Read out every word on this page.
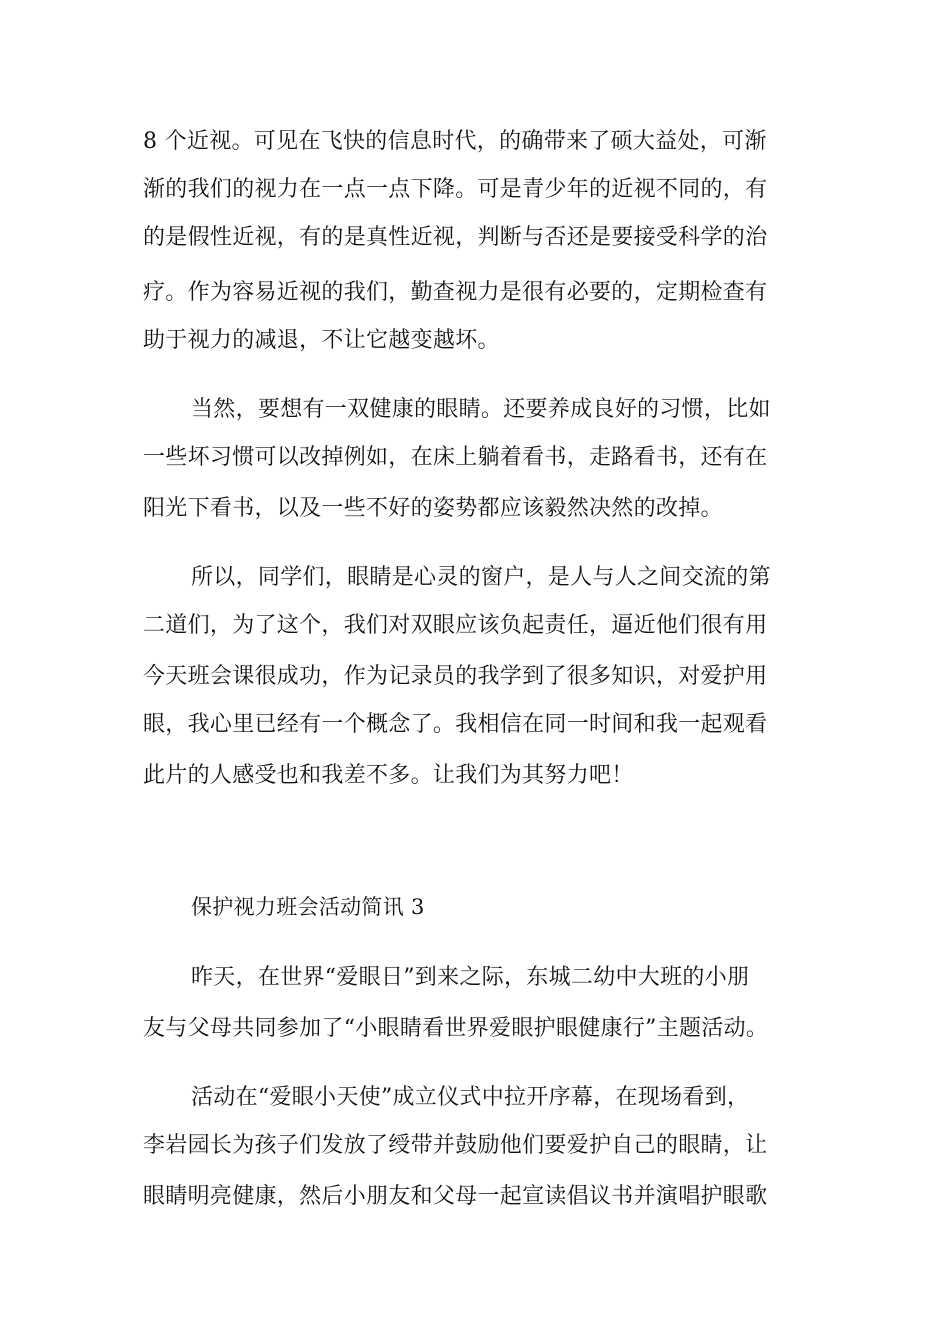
8 个近视。可见在飞快的信息时代，的确带来了硕大益处，可渐
渐的我们的视力在一点一点下降。可是青少年的近视不同的，有
的是假性近视，有的是真性近视，判断与否还是要接受科学的治
疗。作为容易近视的我们，勤查视力是很有必要的，定期检查有
助于视力的减退，不让它越变越坏。
当然，要想有一双健康的眼睛。还要养成良好的习惯，比如
一些坏习惯可以改掉例如，在床上躺着看书，走路看书，还有在
阳光下看书，以及一些不好的姿势都应该毅然决然的改掉。
所以，同学们，眼睛是心灵的窗户，是人与人之间交流的第
二道们，为了这个，我们对双眼应该负起责任，逼近他们很有用
今天班会课很成功，作为记录员的我学到了很多知识，对爱护用
眼，我心里已经有一个概念了。我相信在同一时间和我一起观看
此片的人感受也和我差不多。让我们为其努力吧！
保护视力班会活动简讯 3
昨天，在世界“爱眼日”到来之际，东城二幼中大班的小朋
友与父母共同参加了“小眼睛看世界爱眼护眼健康行”主题活动。
活动在“爱眼小天使”成立仪式中拉开序幕，在现场看到，
李岩园长为孩子们发放了绶带并鼓励他们要爱护自己的眼睛，让
眼睛明亮健康，然后小朋友和父母一起宣读倡议书并演唱护眼歌
